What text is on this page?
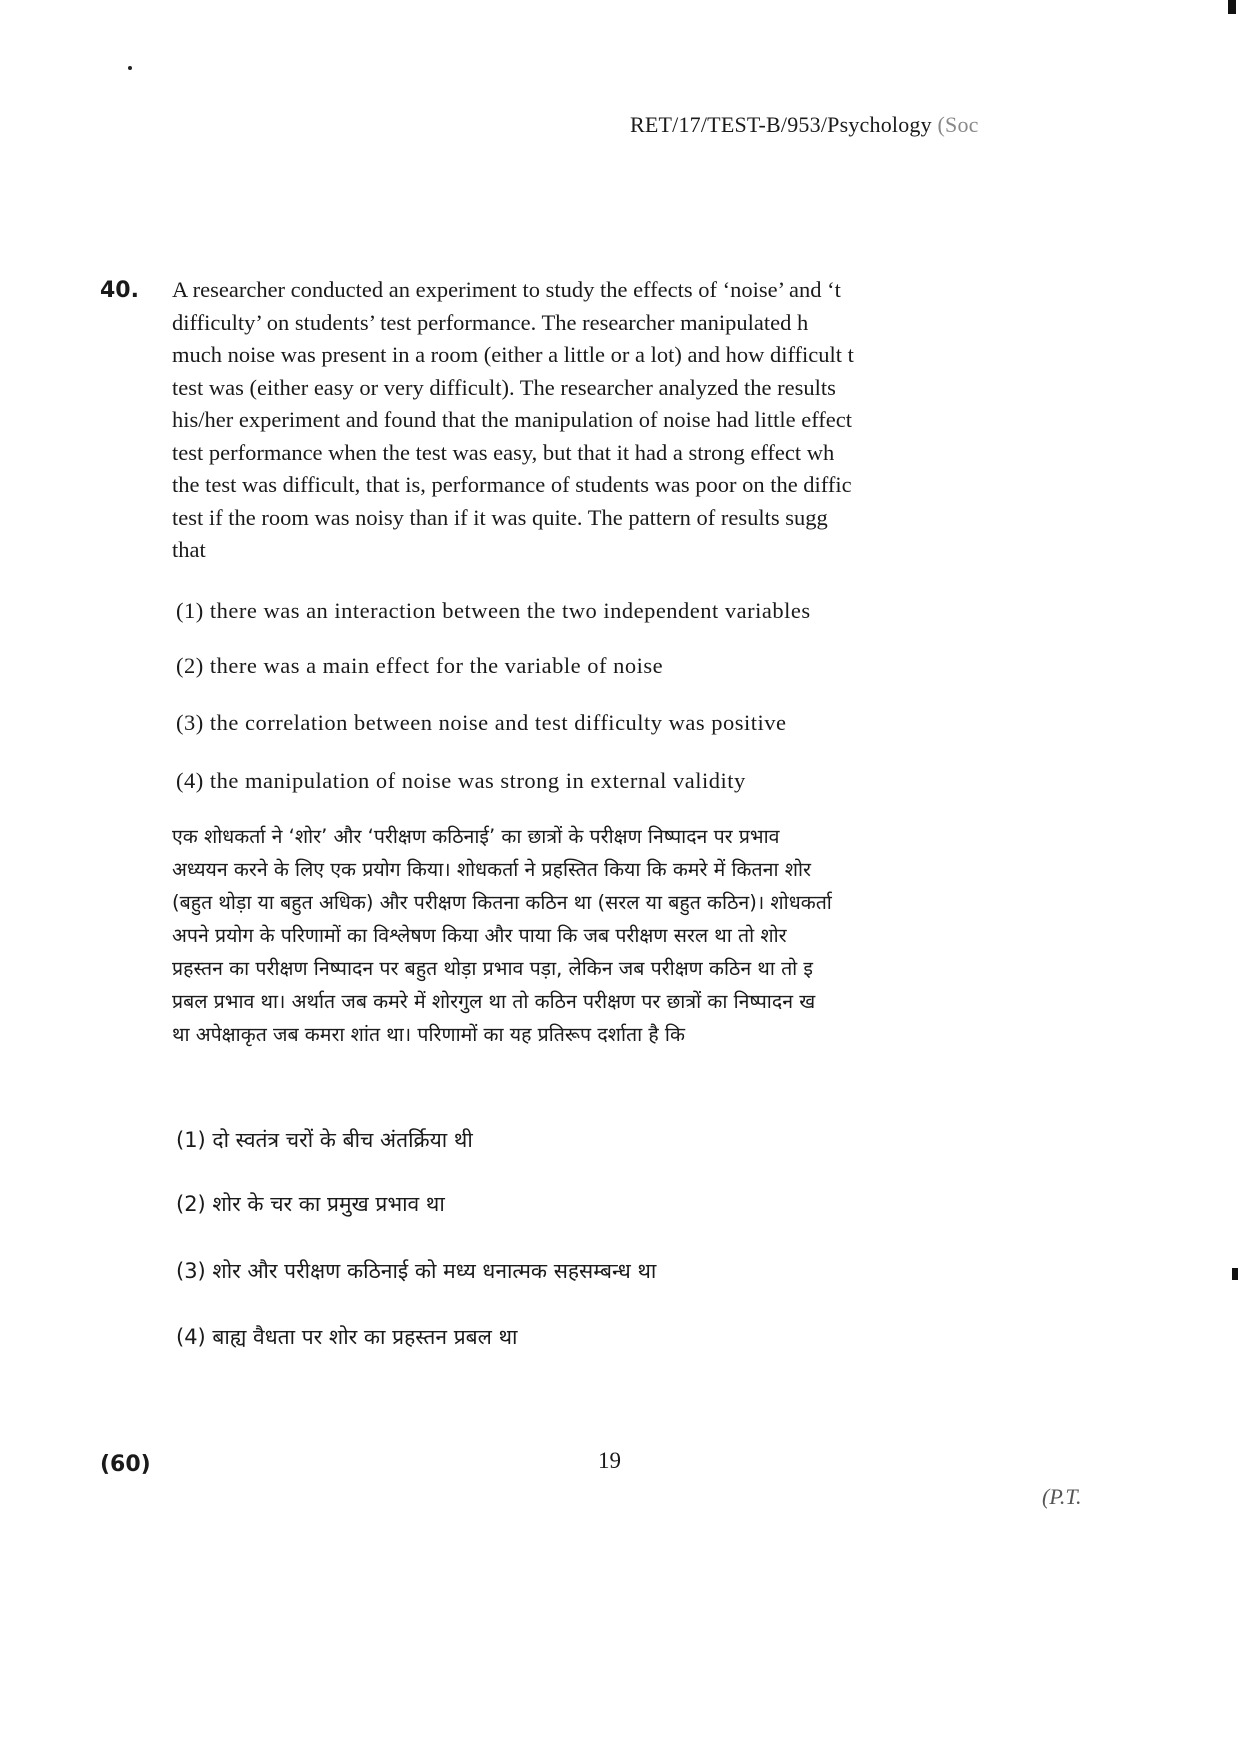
RET/17/TEST-B/953/Psychology (Soc
40. A researcher conducted an experiment to study the effects of ‘noise’ and ‘t
difficulty’ on students’ test performance. The researcher manipulated h
much noise was present in a room (either a little or a lot) and how difficult t
test was (either easy or very difficult). The researcher analyzed the results
his/her experiment and found that the manipulation of noise had little effect
test performance when the test was easy, but that it had a strong effect wh
the test was difficult, that is, performance of students was poor on the diffic
test if the room was noisy than if it was quite. The pattern of results sugg
that
(1) there was an interaction between the two independent variables
(2) there was a main effect for the variable of noise
(3) the correlation between noise and test difficulty was positive
(4) the manipulation of noise was strong in external validity
एक शोधकर्ता ने ‘शोर’ और ‘परीक्षण कठिनाई’ का छात्रों के परीक्षण निष्पादन पर प्रभाव
अध्ययन करने के लिए एक प्रयोग किया। शोधकर्ता ने प्रहस्तित किया कि कमरे में कितना शोर
(बहुत थोड़ा या बहुत अधिक) और परीक्षण कितना कठिन था (सरल या बहुत कठिन)। शोधकर्ता
अपने प्रयोग के परिणामों का विश्लेषण किया और पाया कि जब परीक्षण सरल था तो शोर
प्रहस्तन का परीक्षण निष्पादन पर बहुत थोड़ा प्रभाव पड़ा, लेकिन जब परीक्षण कठिन था तो इ
प्रबल प्रभाव था। अर्थात जब कमरे में शोरगुल था तो कठिन परीक्षण पर छात्रों का निष्पादन ख
था अपेक्षाकृत जब कमरा शांत था। परिणामों का यह प्रतिरूप दर्शाता है कि
(1) दो स्वतंत्र चरों के बीच अंतर्क्रिया थी
(2) शोर के चर का प्रमुख प्रभाव था
(3) शोर और परीक्षण कठिनाई को मध्य धनात्मक सहसम्बन्ध था
(4) बाह्य वैधता पर शोर का प्रहस्तन प्रबल था
(60)	19
(P.T.
